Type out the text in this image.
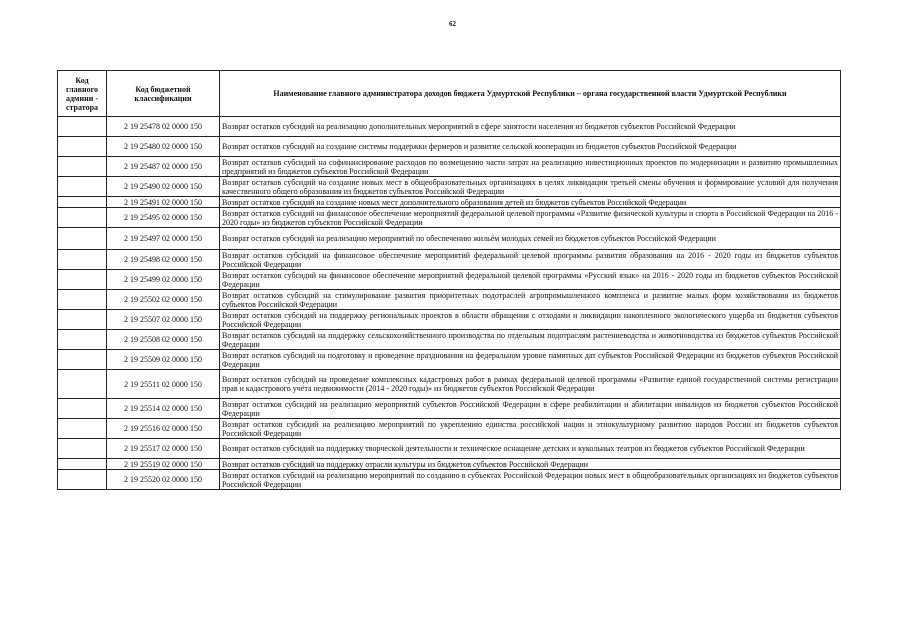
62
Код главного админи - стратора	Код бюджетной классификации	Наименование главного администратора доходов бюджета Удмуртской Республики – органа государственной власти Удмуртской Республики
	2 19 25478 02 0000 150	Возврат остатков субсидий на реализацию дополнительных мероприятий в сфере занятости населения из бюджетов субъектов Российской Федерации
	2 19 25480 02 0000 150	Возврат остатков субсидий на создание системы поддержки фермеров и развитие сельской кооперации из бюджетов субъектов Российской Федерации
	2 19 25487 02 0000 150	Возврат остатков субсидий на софинансирование расходов по возмещению части затрат на реализацию инвестиционных проектов по модернизации и развитию промышленных предприятий из бюджетов субъектов Российской Федерации
	2 19 25490 02 0000 150	Возврат остатков субсидий на создание новых мест в общеобразовательных организациях в целях ликвидации третьей смены обучения и формирование условий для получения качественного общего образования из бюджетов субъектов Российской Федерации
	2 19 25491 02 0000 150	Возврат остатков субсидий на создание новых мест дополнительного образования детей из бюджетов субъектов Российской Федерации
	2 19 25495 02 0000 150	Возврат остатков субсидий на финансовое обеспечение мероприятий федеральной целевой программы «Развитие физической культуры и спорта в Российской Федерации на 2016 - 2020 годы» из бюджетов субъектов Российской Федерации
	2 19 25497 02 0000 150	Возврат остатков субсидий на реализацию мероприятий по обеспечению жильём молодых семей из бюджетов субъектов Российской Федерации
	2 19 25498 02 0000 150	Возврат остатков субсидий на финансовое обеспечение мероприятий федеральной целевой программы развития образования на 2016 - 2020 годы из бюджетов субъектов Российской Федерации
	2 19 25499 02 0000 150	Возврат остатков субсидий на финансовое обеспечение мероприятий федеральной целевой программы «Русский язык» на 2016 - 2020 годы из бюджетов субъектов Российской Федерации
	2 19 25502 02 0000 150	Возврат остатков субсидий на стимулирование развития приоритетных подотраслей агропромышленного комплекса и развитие малых форм хозяйствования из бюджетов субъектов Российской Федерации
	2 19 25507 02 0000 150	Возврат остатков субсидий на поддержку региональных проектов в области обращения с отходами и ликвидации накопленного экологического ущерба из бюджетов субъектов Российской Федерации
	2 19 25508 02 0000 150	Возврат остатков субсидий на поддержку сельскохозяйственного производства по отдельным подотраслям растениеводства и животноводства из бюджетов субъектов Российской Федерации
	2 19 25509 02 0000 150	Возврат остатков субсидий на подготовку и проведение празднования на федеральном уровне памятных дат субъектов Российской Федерации из бюджетов субъектов Российской Федерации
	2 19 25511 02 0000 150	Возврат остатков субсидий на проведение комплексных кадастровых работ в рамках федеральной целевой программы «Развитие единой государственной системы регистрации прав и кадастрового учёта недвижимости (2014 - 2020 годы)» из бюджетов субъектов Российской Федерации
	2 19 25514 02 0000 150	Возврат остатков субсидий на реализацию мероприятий субъектов Российской Федерации в сфере реабилитации и абилитации инвалидов из бюджетов субъектов Российской Федерации
	2 19 25516 02 0000 150	Возврат остатков субсидий на реализацию мероприятий по укреплению единства российской нации и этнокультурному развитию народов России из бюджетов субъектов Российской Федерации
	2 19 25517 02 0000 150	Возврат остатков субсидий на поддержку творческой деятельности и техническое оснащение детских и кукольных театров из бюджетов субъектов Российской Федерации
	2 19 25519 02 0000 150	Возврат остатков субсидий на поддержку отрасли культуры из бюджетов субъектов Российской Федерации
	2 19 25520 02 0000 150	Возврат остатков субсидий на реализацию мероприятий по созданию в субъектах Российской Федерации новых мест в общеобразовательных организациях из бюджетов субъектов Российской Федерации
